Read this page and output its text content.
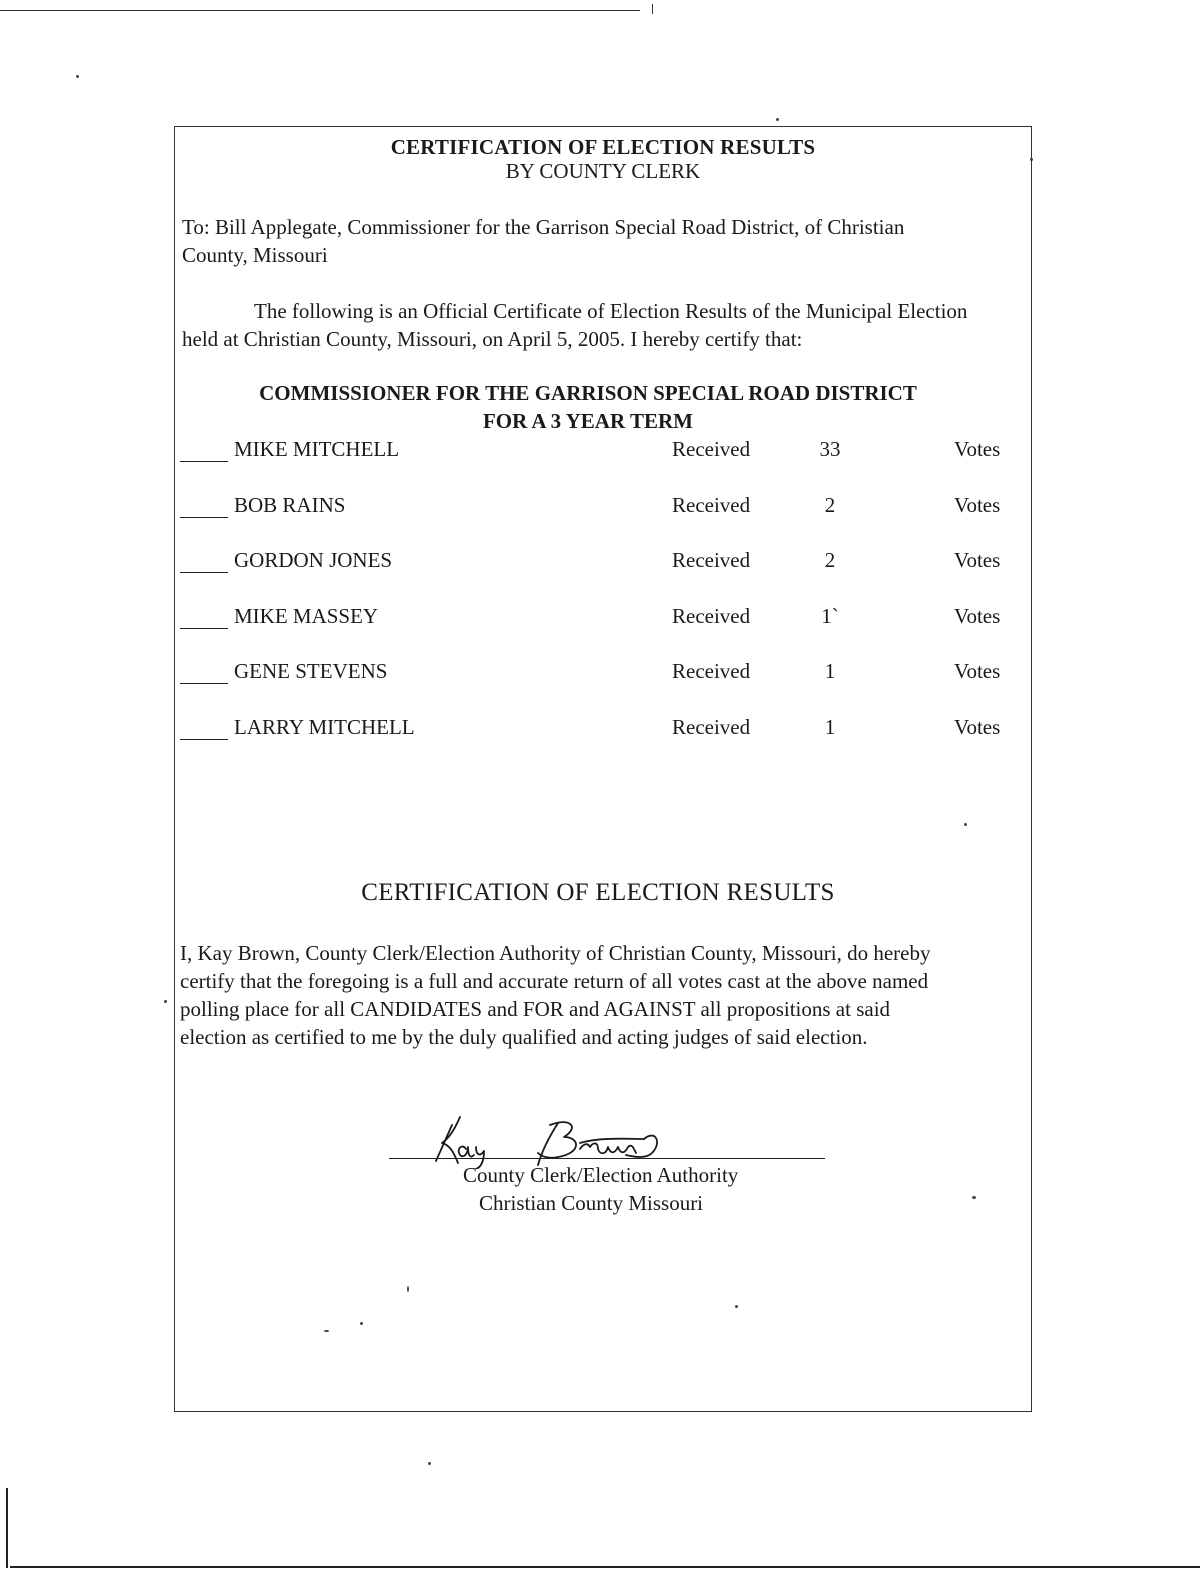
CERTIFICATION OF ELECTION RESULTS
BY COUNTY CLERK
To: Bill Applegate, Commissioner for the Garrison Special Road District, of Christian
County, Missouri
The following is an Official Certificate of Election Results of the Municipal Election
held at Christian County, Missouri, on April 5, 2005. I hereby certify that:
COMMISSIONER FOR THE GARRISON SPECIAL ROAD DISTRICT
FOR A 3 YEAR TERM
MIKE MITCHELL	Received	33	Votes
BOB RAINS	Received	2	Votes
GORDON JONES	Received	2	Votes
MIKE MASSEY	Received	1`	Votes
GENE STEVENS	Received	1	Votes
LARRY MITCHELL	Received	1	Votes
CERTIFICATION OF ELECTION RESULTS
I, Kay Brown, County Clerk/Election Authority of Christian County, Missouri, do hereby
certify that the foregoing is a full and accurate return of all votes cast at the above named
polling place for all CANDIDATES and FOR and AGAINST all propositions at said
election as certified to me by the duly qualified and acting judges of said election.
County Clerk/Election Authority
Christian County Missouri
